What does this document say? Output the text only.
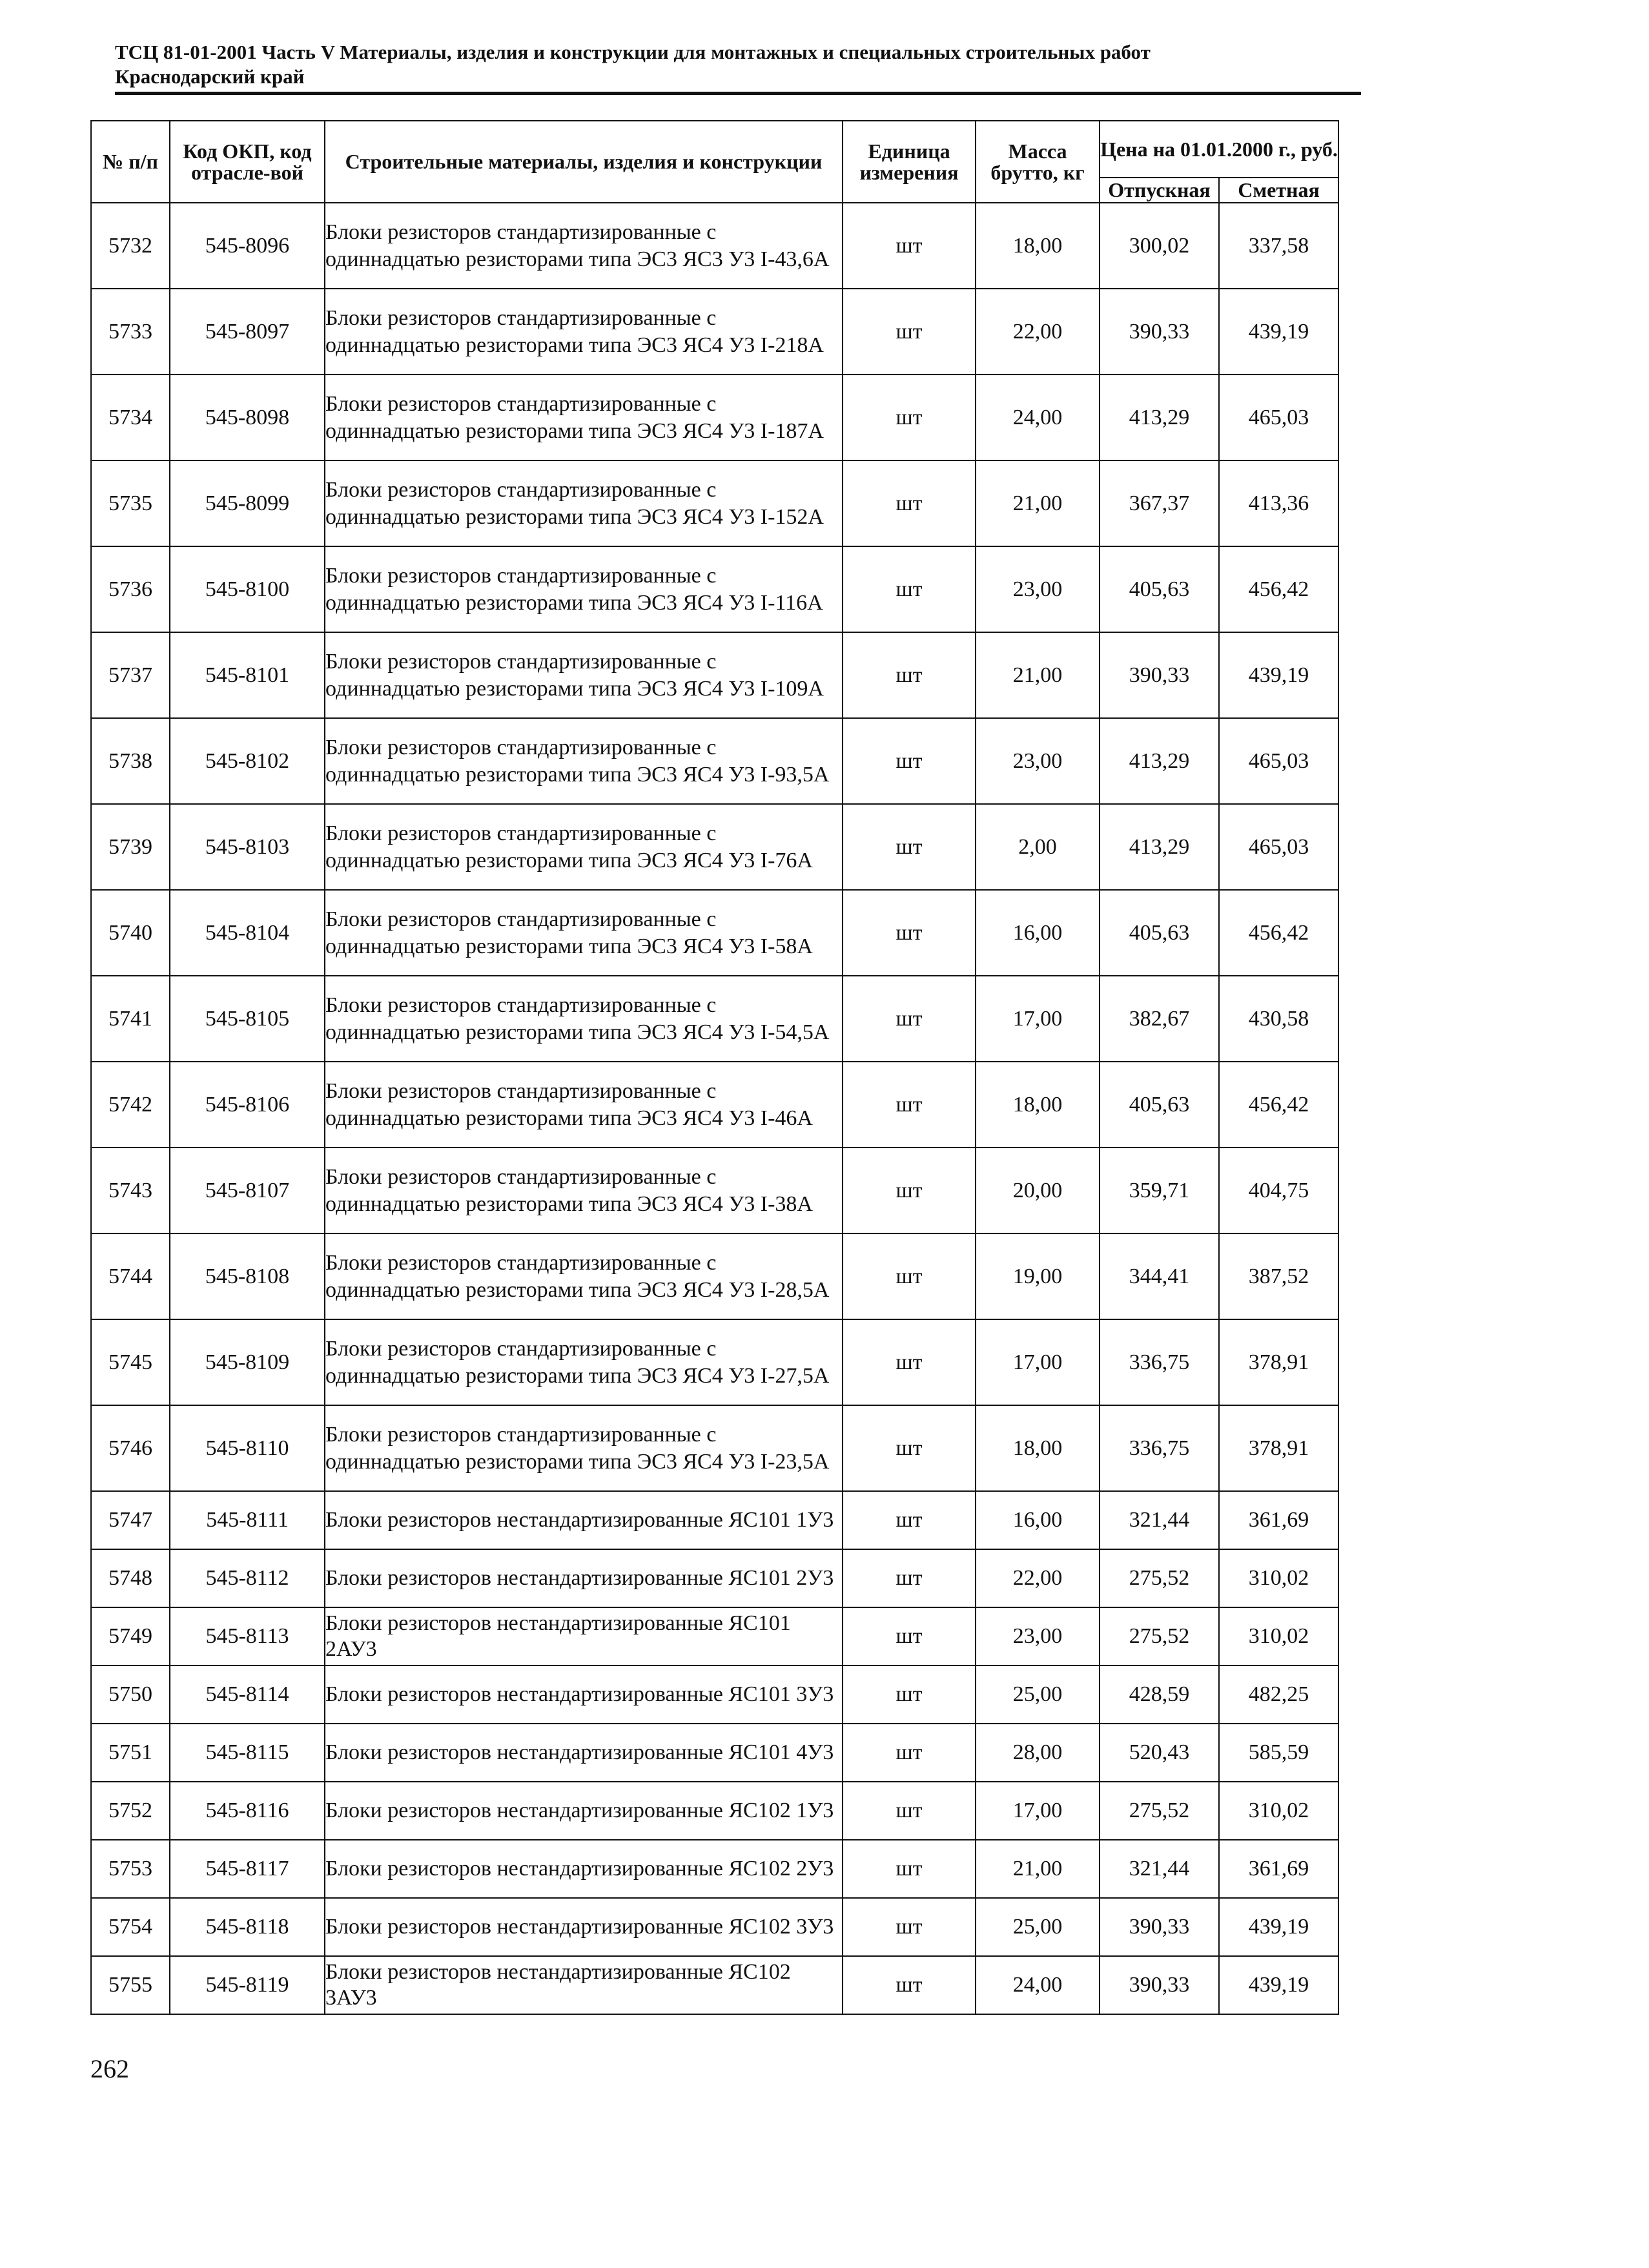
ТСЦ 81-01-2001 Часть V Материалы, изделия и конструкции для монтажных и специальных строительных работ
Краснодарский край
№ п/п	Код ОКП, код отрасле-вой	Строительные материалы, изделия и конструкции	Единица измерения	Масса брутто, кг	Цена на 01.01.2000 г., руб.	
					Отпускная	Сметная
5732	545-8096	Блоки резисторов стандартизированные с одиннадцатью резисторами типа ЭС3 ЯС3 У3 I-43,6А	шт	18,00	300,02	337,58
5733	545-8097	Блоки резисторов стандартизированные с одиннадцатью резисторами типа ЭС3 ЯС4 У3 I-218А	шт	22,00	390,33	439,19
5734	545-8098	Блоки резисторов стандартизированные с одиннадцатью резисторами типа ЭС3 ЯС4 У3 I-187А	шт	24,00	413,29	465,03
5735	545-8099	Блоки резисторов стандартизированные с одиннадцатью резисторами типа ЭС3 ЯС4 У3 I-152А	шт	21,00	367,37	413,36
5736	545-8100	Блоки резисторов стандартизированные с одиннадцатью резисторами типа ЭС3 ЯС4 У3 I-116А	шт	23,00	405,63	456,42
5737	545-8101	Блоки резисторов стандартизированные с одиннадцатью резисторами типа ЭС3 ЯС4 У3 I-109А	шт	21,00	390,33	439,19
5738	545-8102	Блоки резисторов стандартизированные с одиннадцатью резисторами типа ЭС3 ЯС4 У3 I-93,5А	шт	23,00	413,29	465,03
5739	545-8103	Блоки резисторов стандартизированные с одиннадцатью резисторами типа ЭС3 ЯС4 У3 I-76А	шт	2,00	413,29	465,03
5740	545-8104	Блоки резисторов стандартизированные с одиннадцатью резисторами типа ЭС3 ЯС4 У3 I-58А	шт	16,00	405,63	456,42
5741	545-8105	Блоки резисторов стандартизированные с одиннадцатью резисторами типа ЭС3 ЯС4 У3 I-54,5А	шт	17,00	382,67	430,58
5742	545-8106	Блоки резисторов стандартизированные с одиннадцатью резисторами типа ЭС3 ЯС4 У3 I-46А	шт	18,00	405,63	456,42
5743	545-8107	Блоки резисторов стандартизированные с одиннадцатью резисторами типа ЭС3 ЯС4 У3 I-38А	шт	20,00	359,71	404,75
5744	545-8108	Блоки резисторов стандартизированные с одиннадцатью резисторами типа ЭС3 ЯС4 У3 I-28,5А	шт	19,00	344,41	387,52
5745	545-8109	Блоки резисторов стандартизированные с одиннадцатью резисторами типа ЭС3 ЯС4 У3 I-27,5А	шт	17,00	336,75	378,91
5746	545-8110	Блоки резисторов стандартизированные с одиннадцатью резисторами типа ЭС3 ЯС4 У3 I-23,5А	шт	18,00	336,75	378,91
5747	545-8111	Блоки резисторов нестандартизированные ЯС101 1У3	шт	16,00	321,44	361,69
5748	545-8112	Блоки резисторов нестандартизированные ЯС101 2У3	шт	22,00	275,52	310,02
5749	545-8113	Блоки резисторов нестандартизированные ЯС101 2АУ3	шт	23,00	275,52	310,02
5750	545-8114	Блоки резисторов нестандартизированные ЯС101 3У3	шт	25,00	428,59	482,25
5751	545-8115	Блоки резисторов нестандартизированные ЯС101 4У3	шт	28,00	520,43	585,59
5752	545-8116	Блоки резисторов нестандартизированные ЯС102 1У3	шт	17,00	275,52	310,02
5753	545-8117	Блоки резисторов нестандартизированные ЯС102 2У3	шт	21,00	321,44	361,69
5754	545-8118	Блоки резисторов нестандартизированные ЯС102 3У3	шт	25,00	390,33	439,19
5755	545-8119	Блоки резисторов нестандартизированные ЯС102 3АУ3	шт	24,00	390,33	439,19
262
